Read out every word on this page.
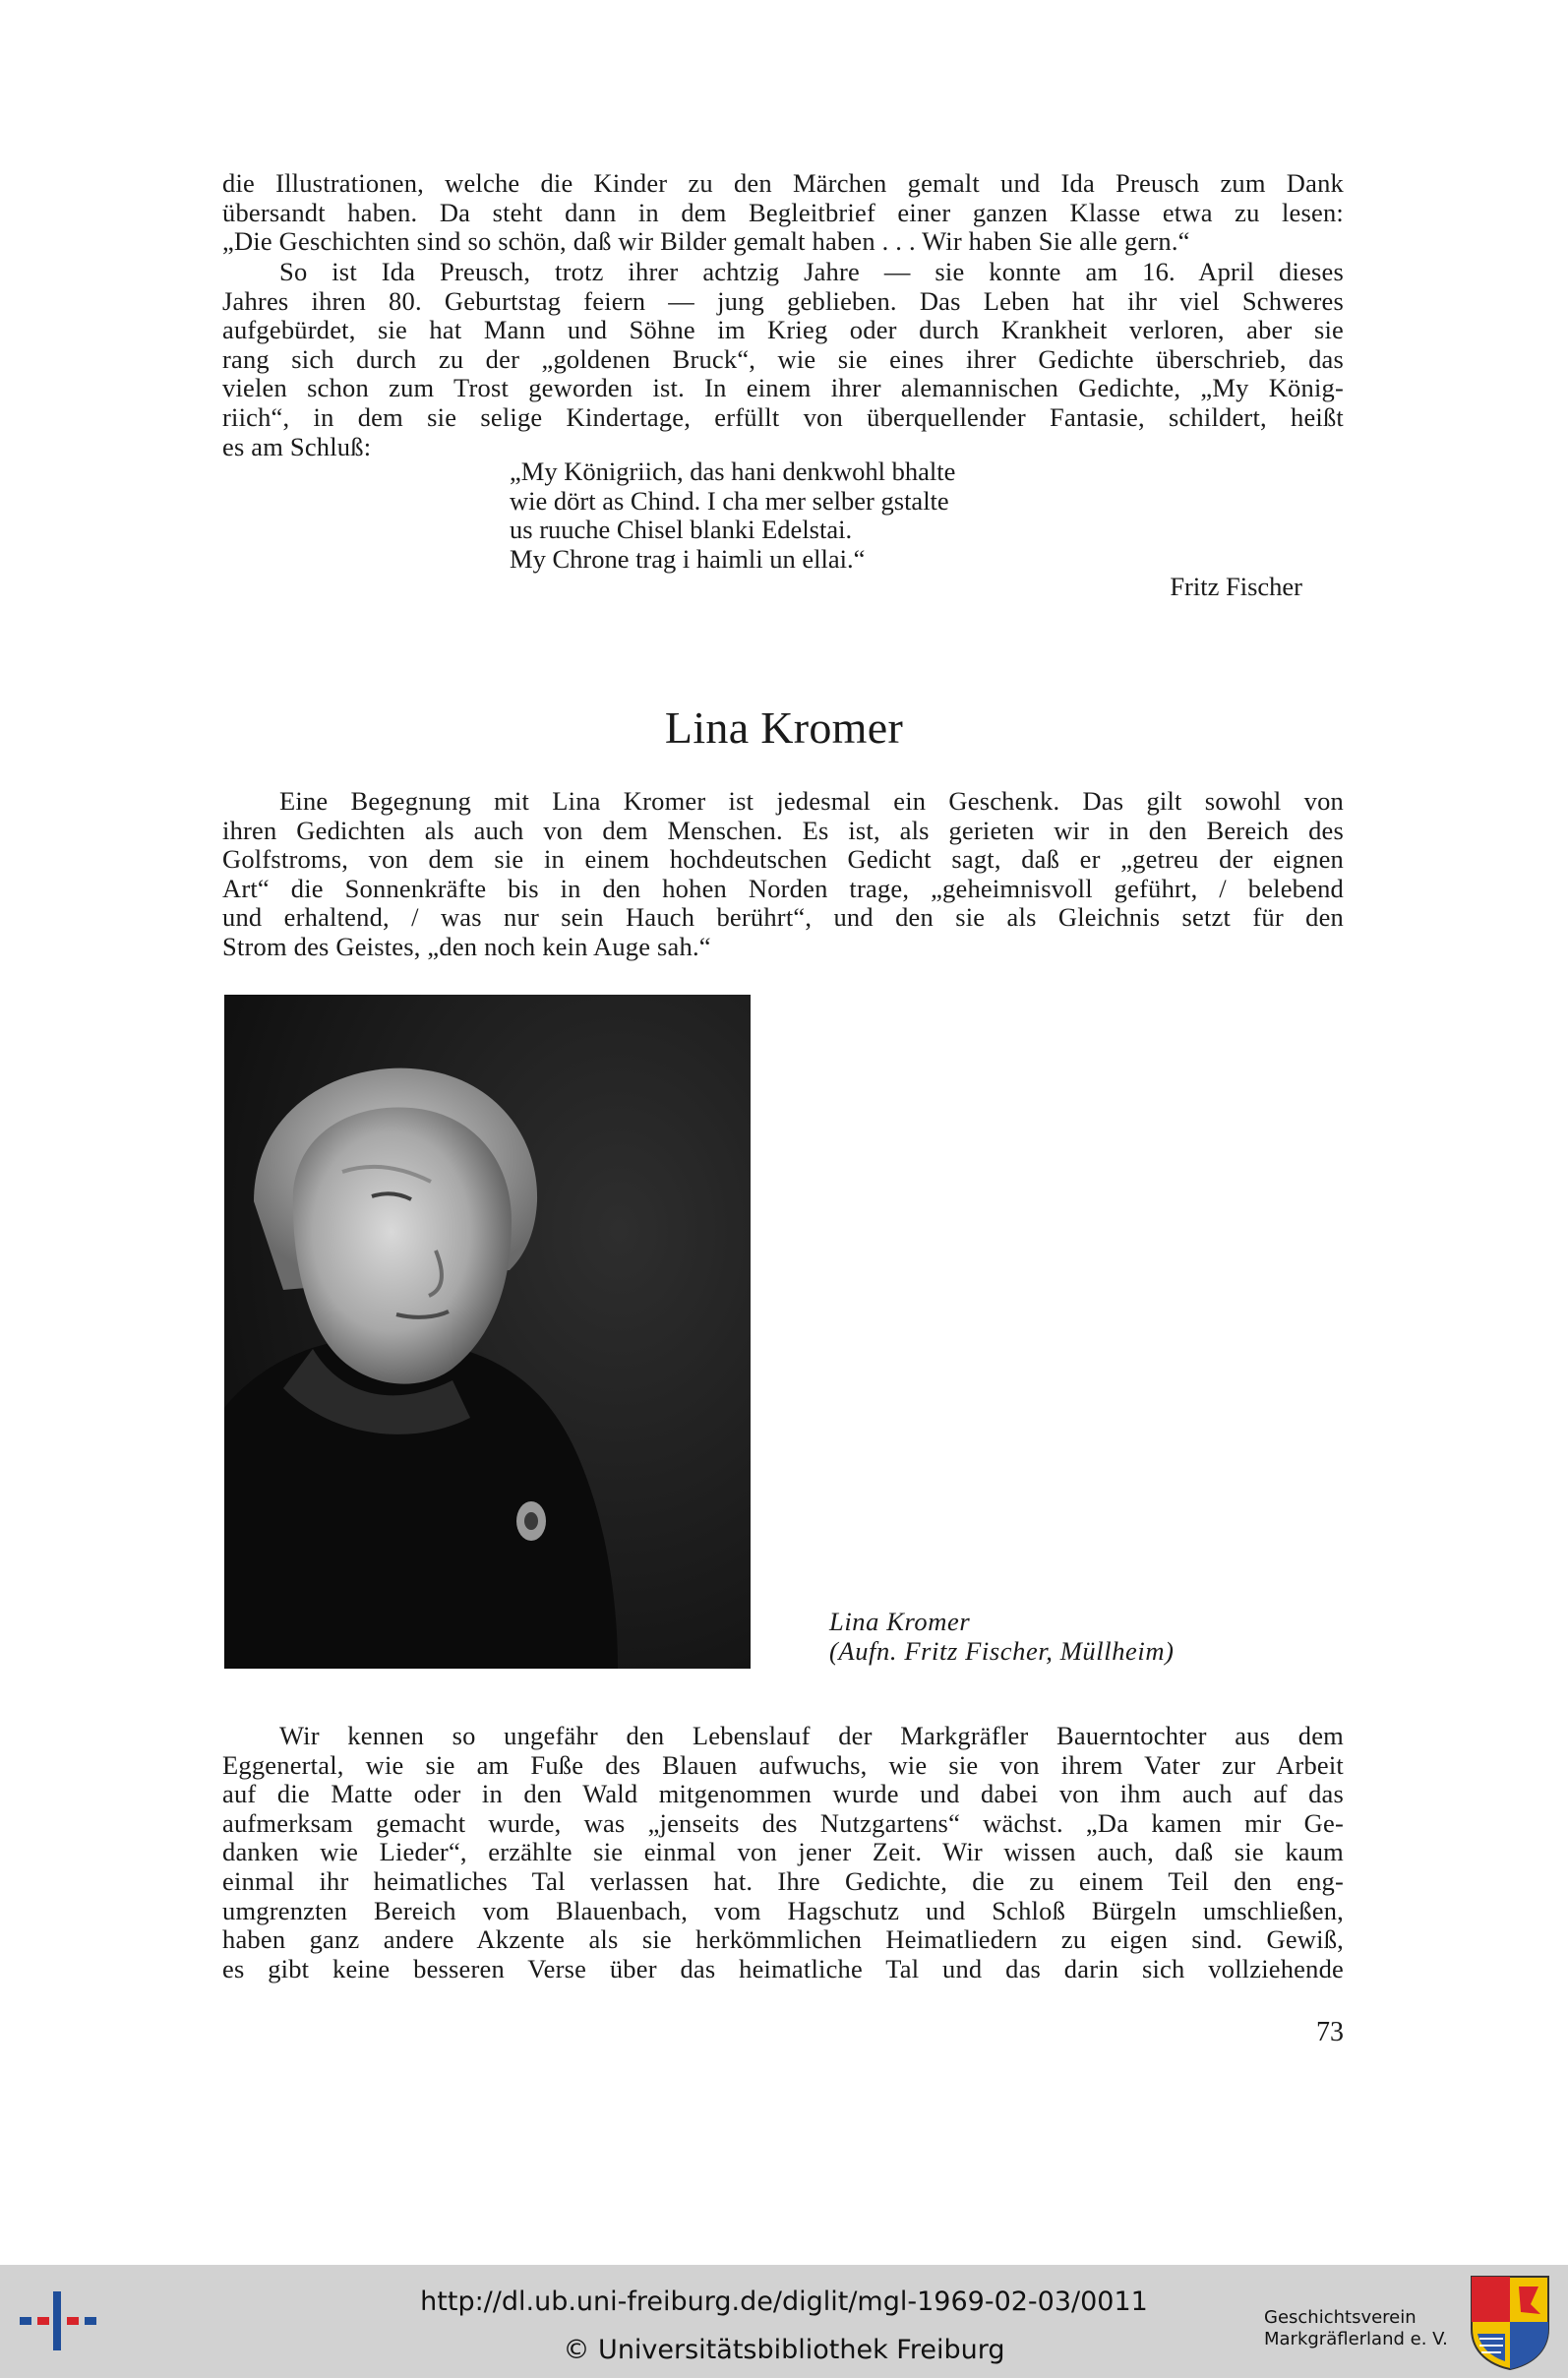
die Illustrationen, welche die Kinder zu den Märchen gemalt und Ida Preusch zum Dank
übersandt haben. Da steht dann in dem Begleitbrief einer ganzen Klasse etwa zu lesen:
„Die Geschichten sind so schön, daß wir Bilder gemalt haben . . . Wir haben Sie alle gern.“

So ist Ida Preusch, trotz ihrer achtzig Jahre — sie konnte am 16. April dieses
Jahres ihren 80. Geburtstag feiern — jung geblieben. Das Leben hat ihr viel Schweres
aufgebürdet, sie hat Mann und Söhne im Krieg oder durch Krankheit verloren, aber sie
rang sich durch zu der „goldenen Bruck“, wie sie eines ihrer Gedichte überschrieb, das
vielen schon zum Trost geworden ist. In einem ihrer alemannischen Gedichte, „My König-
riich“, in dem sie selige Kindertage, erfüllt von überquellender Fantasie, schildert, heißt
es am Schluß:

„My Königriich, das hani denkwohl bhalte
wie dört as Chind. I cha mer selber gstalte
us ruuche Chisel blanki Edelstai.
My Chrone trag i haimli un ellai.“
Fritz Fischer
Lina Kromer

Eine Begegnung mit Lina Kromer ist jedesmal ein Geschenk. Das gilt sowohl von
ihren Gedichten als auch von dem Menschen. Es ist, als gerieten wir in den Bereich des
Golfstroms, von dem sie in einem hochdeutschen Gedicht sagt, daß er „getreu der eignen
Art“ die Sonnenkräfte bis in den hohen Norden trage, „geheimnisvoll geführt, / belebend
und erhaltend, / was nur sein Hauch berührt“, und den sie als Gleichnis setzt für den
Strom des Geistes, „den noch kein Auge sah.“

Lina Kromer
(Aufn. Fritz Fischer, Müllheim)

Wir kennen so ungefähr den Lebenslauf der Markgräfler Bauerntochter aus dem
Eggenertal, wie sie am Fuße des Blauen aufwuchs, wie sie von ihrem Vater zur Arbeit
auf die Matte oder in den Wald mitgenommen wurde und dabei von ihm auch auf das
aufmerksam gemacht wurde, was „jenseits des Nutzgartens“ wächst. „Da kamen mir Ge-
danken wie Lieder“, erzählte sie einmal von jener Zeit. Wir wissen auch, daß sie kaum
einmal ihr heimatliches Tal verlassen hat. Ihre Gedichte, die zu einem Teil den eng-
umgrenzten Bereich vom Blauenbach, vom Hagschutz und Schloß Bürgeln umschließen,
haben ganz andere Akzente als sie herkömmlichen Heimatliedern zu eigen sind. Gewiß,
es gibt keine besseren Verse über das heimatliche Tal und das darin sich vollziehende

73
http://dl.ub.uni-freiburg.de/diglit/mgl-1969-02-03/0011
© Universitätsbibliothek Freiburg
Geschichtsverein
Markgräflerland e. V.
